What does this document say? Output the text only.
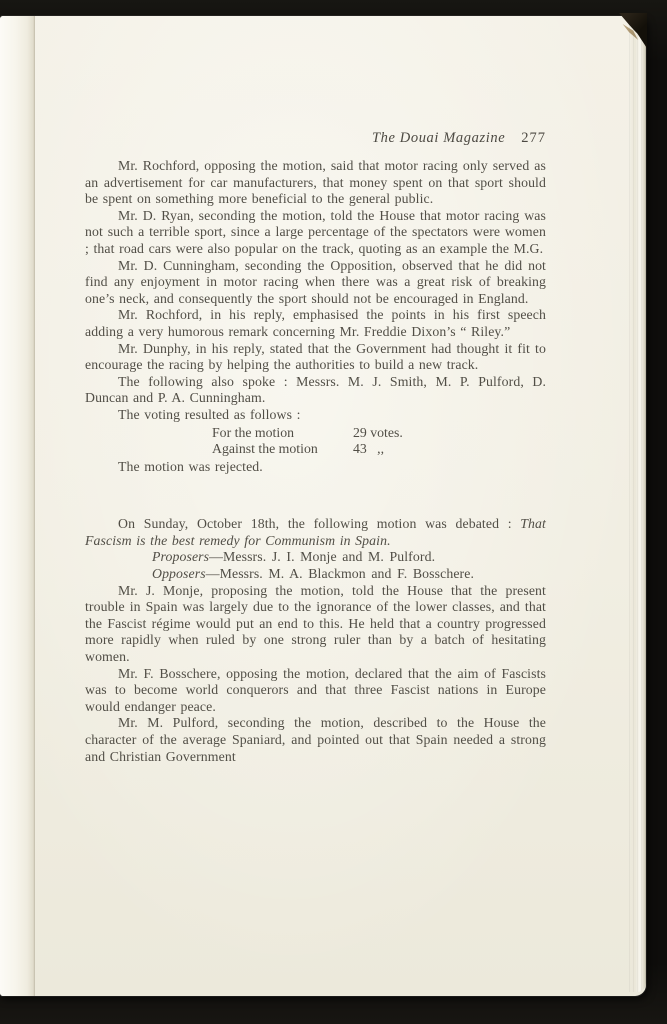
The Douai Magazine 277

Mr. Rochford, opposing the motion, said that motor racing only served as an advertisement for car manufacturers, that money spent on that sport should be spent on something more beneficial to the general public.

Mr. D. Ryan, seconding the motion, told the House that motor racing was not such a terrible sport, since a large percentage of the spectators were women ; that road cars were also popular on the track, quoting as an example the M.G.

Mr. D. Cunningham, seconding the Opposition, observed that he did not find any enjoyment in motor racing when there was a great risk of breaking one’s neck, and consequently the sport should not be encouraged in England.

Mr. Rochford, in his reply, emphasised the points in his first speech adding a very humorous remark concerning Mr. Freddie Dixon’s “ Riley.”

Mr. Dunphy, in his reply, stated that the Government had thought it fit to encourage the racing by helping the authorities to build a new track.

The following also spoke : Messrs. M. J. Smith, M. P. Pulford, D. Duncan and P. A. Cunningham.

The voting resulted as follows :

For the motion	29 votes.
Against the motion	43   ,,

The motion was rejected.

On Sunday, October 18th, the following motion was debated : That Fascism is the best remedy for Communism in Spain.

Proposers—Messrs. J. I. Monje and M. Pulford.

Opposers—Messrs. M. A. Blackmon and F. Bosschere.

Mr. J. Monje, proposing the motion, told the House that the present trouble in Spain was largely due to the ignorance of the lower classes, and that the Fascist régime would put an end to this. He held that a country progressed more rapidly when ruled by one strong ruler than by a batch of hesitating women.

Mr. F. Bosschere, opposing the motion, declared that the aim of Fascists was to become world conquerors and that three Fascist nations in Europe would endanger peace.

Mr. M. Pulford, seconding the motion, described to the House the character of the average Spaniard, and pointed out that Spain needed a strong and Christian Government
